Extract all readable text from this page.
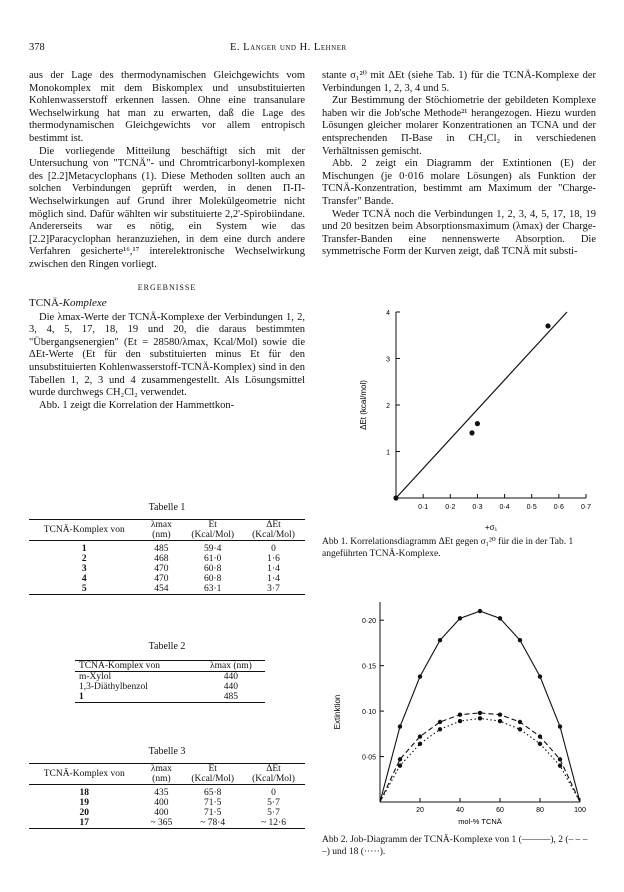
378	E. Langer und H. Lehner

aus der Lage des thermodynamischen Gleichgewichts vom Monokomplex mit dem Biskomplex und unsubstituierten Kohlenwasserstoff erkennen lassen. Ohne eine transanulare Wechselwirkung hat man zu erwarten, daß die Lage des thermodynamischen Gleichgewichts vor allem entropisch bestimmt ist.

Die vorliegende Mitteilung beschäftigt sich mit der Untersuchung von "TCNÄ"- und Chromtricarbonyl-komplexen des [2.2]Metacyclophans (1). Diese Methoden sollten auch an solchen Verbindungen geprüft werden, in denen Π-Π-Wechselwirkungen auf Grund ihrer Molekülgeometrie nicht möglich sind. Dafür wählten wir substituierte 2,2'-Spirobiindane. Andererseits war es nötig, ein System wie das [2.2]Paracyclophan heranzuziehen, in dem eine durch andere Verfahren gesicherte¹⁶,¹⁷ interelektronische Wechselwirkung zwischen den Ringen vorliegt.

ERGEBNISSE
TCNÄ-Komplexe

Die λmax-Werte der TCNÄ-Komplexe der Verbindungen 1, 2, 3, 4, 5, 17, 18, 19 und 20, die daraus bestimmten "Übergangsenergien" (Et = 28580/λmax, Kcal/Mol) sowie die ΔEt-Werte (Et für den substituierten minus Et für den unsubstituierten Kohlenwasserstoff-TCNÄ-Komplex) sind in den Tabellen 1, 2, 3 und 4 zusammengestellt. Als Lösungsmittel wurde durchwegs CH₂Cl₂ verwendet.

Abb. 1 zeigt die Korrelation der Hammettkon-

Tabelle 1
TCNÄ-Komplex von	λmax (nm)	Et (Kcal/Mol)	ΔEt (Kcal/Mol)

1	485	59·4	0
2	468	61·0	1·6
3	470	60·8	1·4
4	470	60·8	1·4
5	454	63·1	3·7
Tabelle 2
TCNÄ-Komplex von	λmax (nm)
m-Xylol	440
1,3-Diäthylbenzol	440
1	485
Tabelle 3
TCNÄ-Komplex von	λmax (nm)	Et (Kcal/Mol)	ΔEt (Kcal/Mol)

18	435	65·8	0
19	400	71·5	5·7
20	400	71·5	5·7
17	~ 365	~ 78·4	~ 12·6

stante σ₁²⁰ mit ΔEt (siehe Tab. 1) für die TCNÄ-Komplexe der Verbindungen 1, 2, 3, 4 und 5.

Zur Bestimmung der Stöchiometrie der gebildeten Komplexe haben wir die Job'sche Methode²¹ herangezogen. Hiezu wurden Lösungen gleicher molarer Konzentrationen an TCNA und der entsprechenden Π-Base in CH₂Cl₂ in verschiedenen Verhältnissen gemischt.

Abb. 2 zeigt ein Diagramm der Extintionen (E) der Mischungen (je 0·016 molare Lösungen) als Funktion der TCNÄ-Konzentration, bestimmt am Maximum der "Charge-Transfer" Bande.

Weder TCNÄ noch die Verbindungen 1, 2, 3, 4, 5, 17, 18, 19 und 20 besitzen beim Absorptionsmaximum (λmax) der Charge-Transfer-Banden eine nennenswerte Absorption. Die symmetrische Form der Kurven zeigt, daß TCNÄ mit substi-

1
2
3
4
0·1 0·2 0·3 0·4 0·5 0·6 0·7
ΔEt (kcal/mol)
+σ₁
Abb 1. Korrelationsdiagramm ΔEt gegen σ₁²⁰ für die in der Tab. 1 angeführten TCNÄ-Komplexe.
0·05
0·10
0·15
0·20
20	40	60	80	100
Extinktion
mol-% TCNÄ
Abb 2. Job-Diagramm der TCNÄ-Komplexe von 1 (———), 2 (– – – –) und 18 (·····).
